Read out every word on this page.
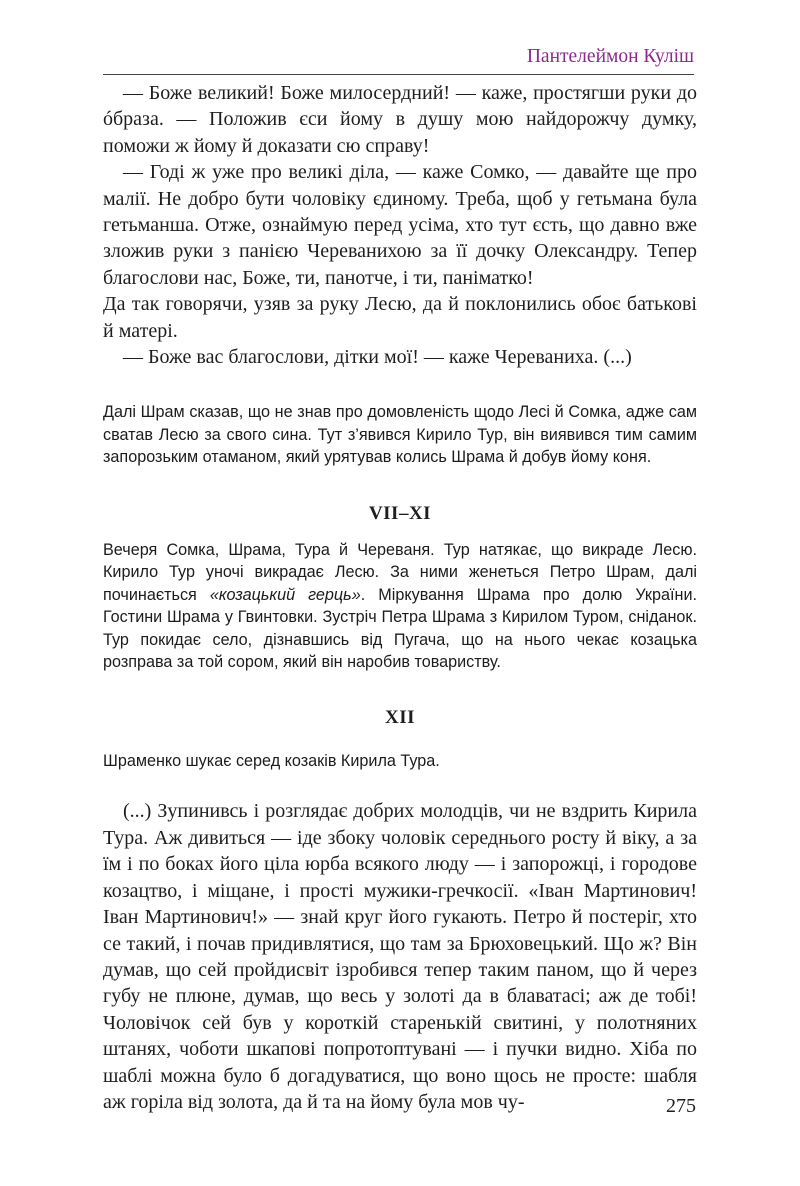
Пантелеймон Куліш

— Боже великий! Боже милосердний! — каже, простягши руки до óбраза. — Положив єси йому в душу мою найдорожчу думку, поможи ж йому й доказати сю справу!

— Годі ж уже про великі діла, — каже Сомко, — давайте ще про малії. Не добро бути чоловіку єдиному. Треба, щоб у гетьмана була гетьманша. Отже, ознаймую перед усіма, хто тут єсть, що давно вже зложив руки з панією Череванихою за її дочку Олександру. Тепер благослови нас, Боже, ти, панотче, і ти, паніматко!

Да так говорячи, узяв за руку Лесю, да й поклонились обоє батькові й матері.

— Боже вас благослови, дітки мої! — каже Череваниха. (...)

Далі Шрам сказав, що не знав про домовленість щодо Лесі й Сомка, адже сам сватав Лесю за свого сина. Тут з’явився Кирило Тур, він виявився тим самим запорозьким отаманом, який урятував колись Шрама й добув йому коня.

VII–XI

Вечеря Сомка, Шрама, Тура й Череваня. Тур натякає, що викраде Лесю. Кирило Тур уночі викрадає Лесю. За ними женеться Петро Шрам, далі починається «козацький герць». Міркування Шрама про долю України. Гостини Шрама у Гвинтовки. Зустріч Петра Шрама з Кирилом Туром, сніданок. Тур покидає село, дізнавшись від Пугача, що на нього чекає козацька розправа за той сором, який він наробив товариству.

XII

Шраменко шукає серед козаків Кирила Тура.

(...) Зупинивсь і розглядає добрих молодців, чи не вздрить Кирила Тура. Аж дивиться — іде збоку чоловік середнього росту й віку, а за їм і по боках його ціла юрба всякого люду — і запорожці, і городове козацтво, і міщане, і прості мужики-гречкосії. «Іван Мартинович! Іван Мартинович!» — знай круг його гукають. Петро й постеріг, хто се такий, і почав придивлятися, що там за Брюховецький. Що ж? Він думав, що сей пройдисвіт ізробився тепер таким паном, що й через губу не плюне, думав, що весь у золоті да в блаватасі; аж де тобі! Чоловічок сей був у короткій старенькій свитині, у полотняних штанях, чоботи шкапові попротоптувані — і пучки видно. Хіба по шаблі можна було б догадуватися, що воно щось не просте: шабля аж горіла від золота, да й та на йому була мов чу-	275
